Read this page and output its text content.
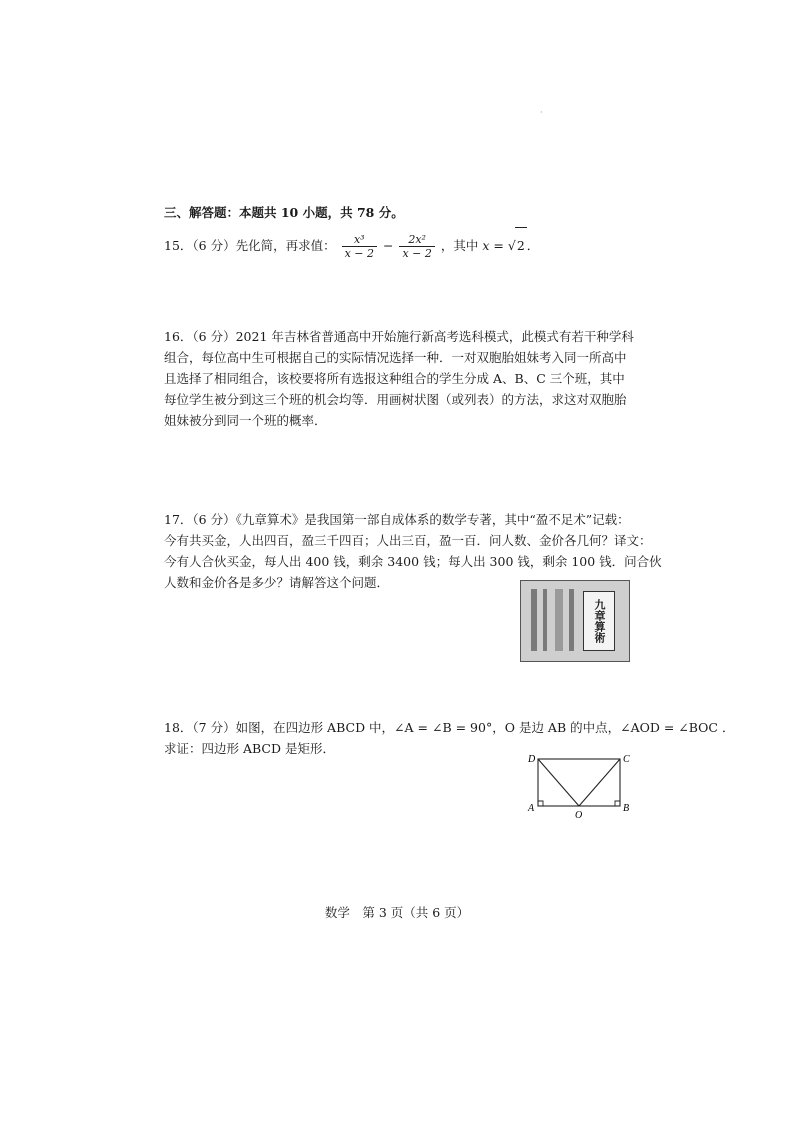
·
三、解答题：本题共 10 小题，共 78 分。
15．（6 分）先化简，再求值： $\frac{\text{x³}}{x - 2} - \frac{\text{2x²}}{x - 2}$ ，其中 x = √2 ．
16．（6 分）2021 年吉林省普通高中开始施行新高考选科模式，此模式有若干种学科
组合，每位高中生可根据自己的实际情况选择一种．一对双胞胎姐妹考入同一所高中
且选择了相同组合，该校要将所有选报这种组合的学生分成 A、B、C 三个班，其中
每位学生被分到这三个班的机会均等．用画树状图（或列表）的方法，求这对双胞胎
姐妹被分到同一个班的概率．
17．（6 分）《九章算术》是我国第一部自成体系的数学专著，其中“盈不足术”记载：
今有共买金，人出四百，盈三千四百；人出三百，盈一百．问人数、金价各几何？译文：
今有人合伙买金，每人出 400 钱，剩余 3400 钱；每人出 300 钱，剩余 100 钱．问合伙
人数和金价各是多少？请解答这个问题．
九章算術
18．（7 分）如图，在四边形 ABCD 中，∠A = ∠B = 90°，O 是边 AB 的中点，∠AOD = ∠BOC ．
求证：四边形 ABCD 是矩形．
D	C
A	B
O
数学　第 3 页（共 6 页）
